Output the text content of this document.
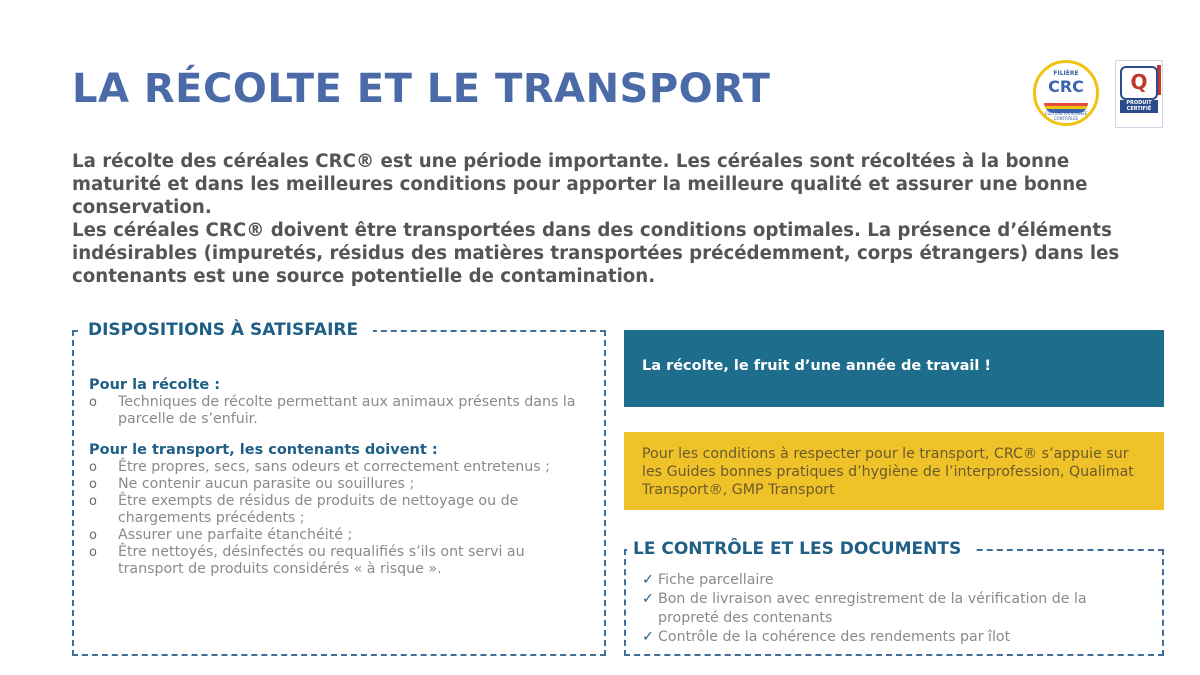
LA RÉCOLTE ET LE TRANSPORT	FILIÈRE
CRC
CULTURE RAISONNÉE CONTRÔLÉE
Q
PRODUIT CERTIFIÉ

La récolte des céréales CRC® est une période importante. Les céréales sont récoltées à la bonne maturité et dans les meilleures conditions pour apporter la meilleure qualité et assurer une bonne conservation.

Les céréales CRC® doivent être transportées dans des conditions optimales. La présence d’éléments indésirables (impuretés, résidus des matières transportées précédemment, corps étrangers) dans les contenants est une source potentielle de contamination.

DISPOSITIONS À SATISFAIRE

Pour la récolte :

o Techniques de récolte permettant aux animaux présents dans la parcelle de s’enfuir.

Pour le transport, les contenants doivent :

o Être propres, secs, sans odeurs et correctement entretenus ;
o Ne contenir aucun parasite ou souillures ;
o Être exempts de résidus de produits de nettoyage ou de chargements précédents ;
o Assurer une parfaite étanchéité ;
o Être nettoyés, désinfectés ou requalifiés s’ils ont servi au transport de produits considérés « à risque ».
La récolte, le fruit d’une année de travail !
Pour les conditions à respecter pour le transport, CRC® s’appuie sur les Guides bonnes pratiques d’hygiène de l’interprofession, Qualimat Transport®, GMP Transport
LE CONTRÔLE ET LES DOCUMENTS
✓ Fiche parcellaire
✓ Bon de livraison avec enregistrement de la vérification de la propreté des contenants
✓ Contrôle de la cohérence des rendements par îlot
